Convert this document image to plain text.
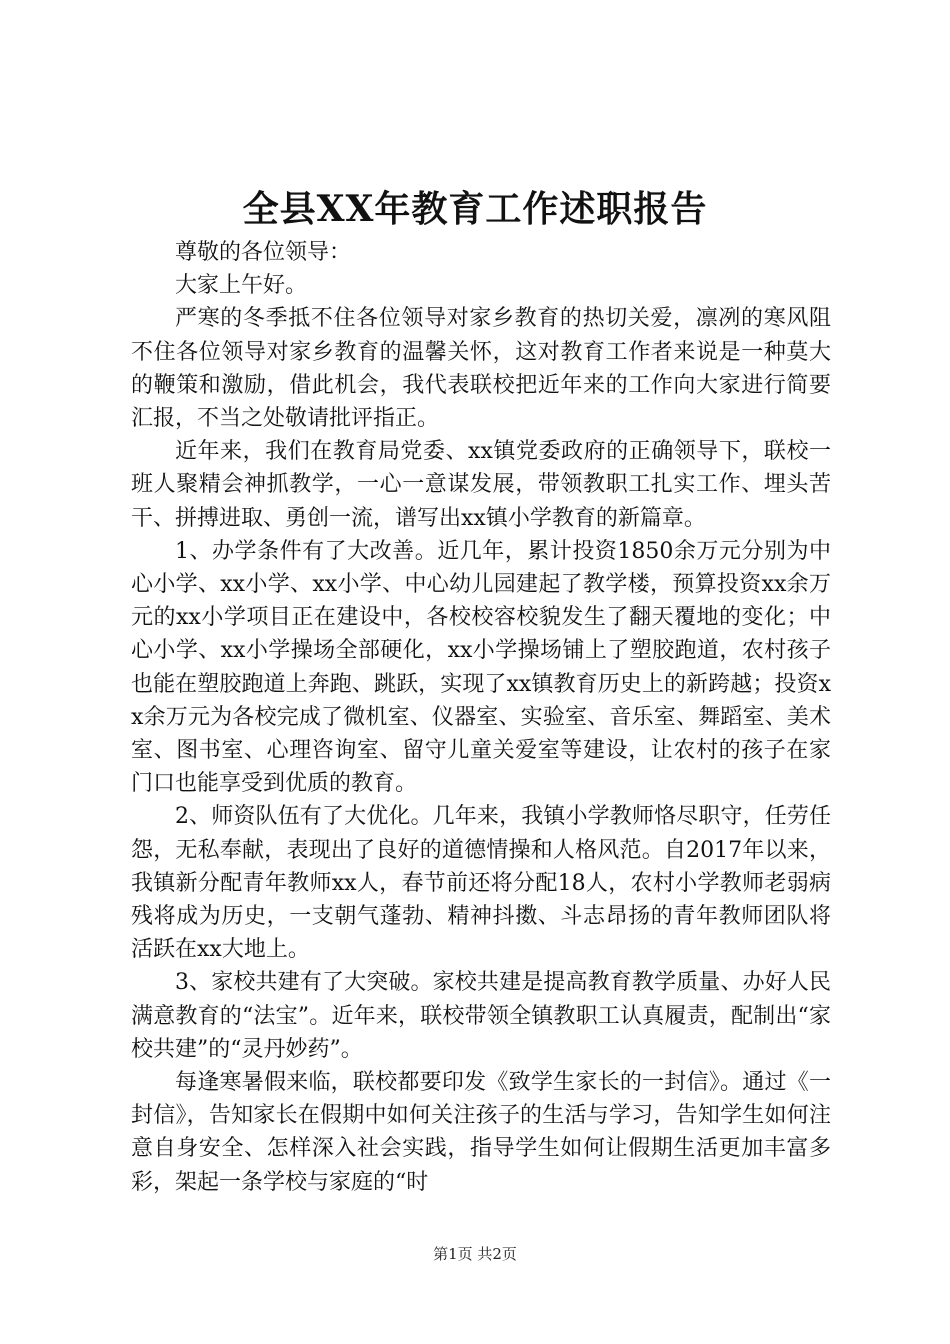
全县XX年教育工作述职报告

尊敬的各位领导：

大家上午好。

严寒的冬季抵不住各位领导对家乡教育的热切关爱，凛冽的寒风阻不住各位领导对家乡教育的温馨关怀，这对教育工作者来说是一种莫大的鞭策和激励，借此机会，我代表联校把近年来的工作向大家进行简要汇报，不当之处敬请批评指正。

近年来，我们在教育局党委、xx镇党委政府的正确领导下，联校一班人聚精会神抓教学，一心一意谋发展，带领教职工扎实工作、埋头苦干、拼搏进取、勇创一流，谱写出xx镇小学教育的新篇章。

1、办学条件有了大改善。近几年，累计投资1850余万元分别为中心小学、xx小学、xx小学、中心幼儿园建起了教学楼，预算投资xx余万元的xx小学项目正在建设中，各校校容校貌发生了翻天覆地的变化；中心小学、xx小学操场全部硬化，xx小学操场铺上了塑胶跑道，农村孩子也能在塑胶跑道上奔跑、跳跃，实现了xx镇教育历史上的新跨越；投资xx余万元为各校完成了微机室、仪器室、实验室、音乐室、舞蹈室、美术室、图书室、心理咨询室、留守儿童关爱室等建设，让农村的孩子在家门口也能享受到优质的教育。

2、师资队伍有了大优化。几年来，我镇小学教师恪尽职守，任劳任怨，无私奉献，表现出了良好的道德情操和人格风范。自2017年以来，我镇新分配青年教师xx人，春节前还将分配18人，农村小学教师老弱病残将成为历史，一支朝气蓬勃、精神抖擞、斗志昂扬的青年教师团队将活跃在xx大地上。

3、家校共建有了大突破。家校共建是提高教育教学质量、办好人民满意教育的“法宝”。近年来，联校带领全镇教职工认真履责，配制出“家校共建”的“灵丹妙药”。

每逢寒暑假来临，联校都要印发《致学生家长的一封信》。通过《一封信》，告知家长在假期中如何关注孩子的生活与学习，告知学生如何注意自身安全、怎样深入社会实践，指导学生如何让假期生活更加丰富多彩，架起一条学校与家庭的“时

第1页 共2页
